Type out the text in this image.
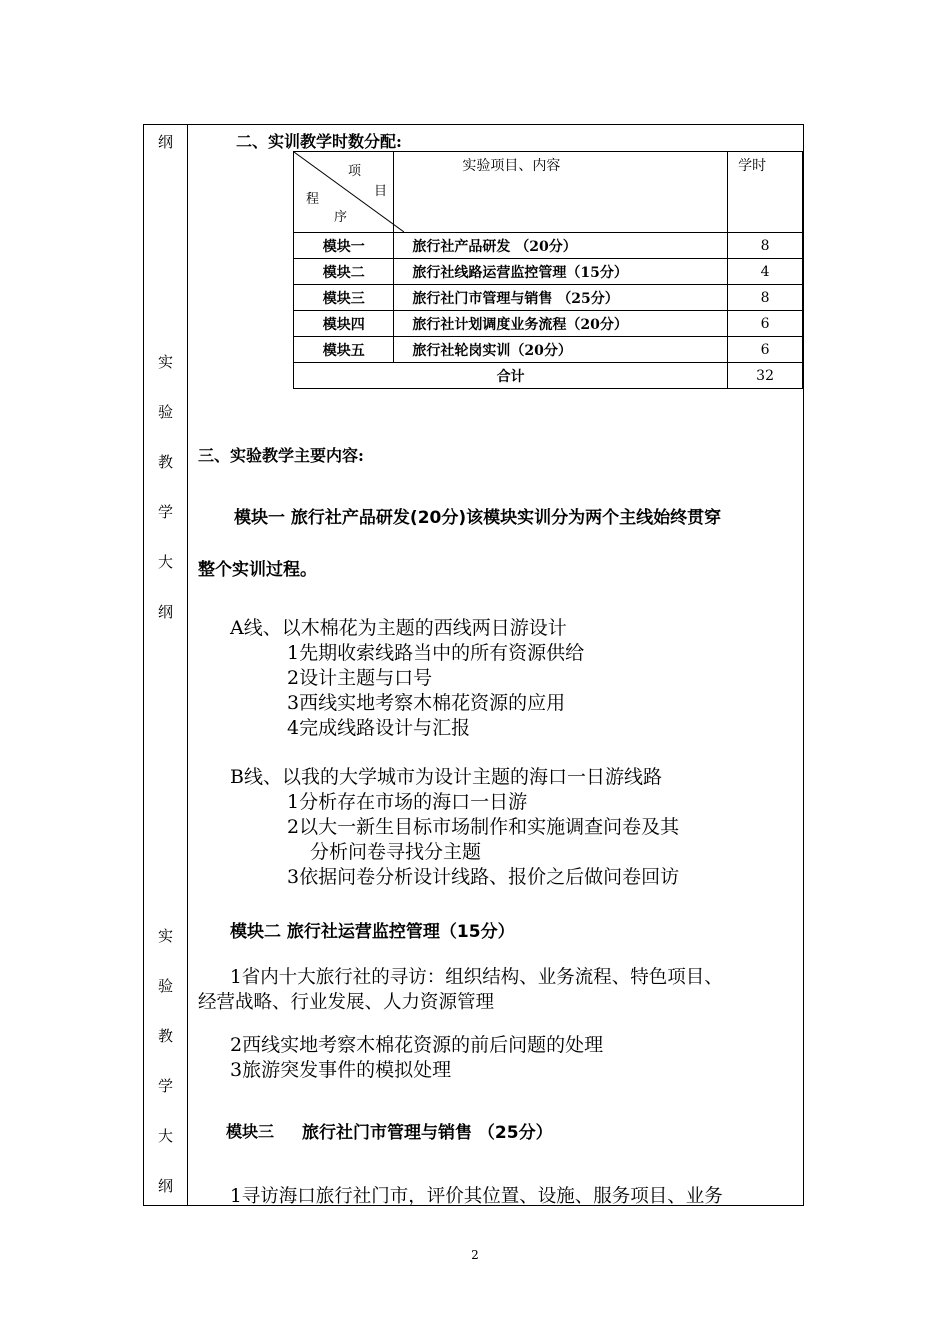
纲
实
验
教
学
大
纲
实
验
教
学
大
纲
二、实训教学时数分配:
项
目
程
序	实验项目、内容	学时
模块一	旅行社产品研发 （20分）	8
模块二	旅行社线路运营监控管理（15分）	4
模块三	旅行社门市管理与销售 （25分）	8
模块四	旅行社计划调度业务流程（20分）	6
模块五	旅行社轮岗实训（20分）	6
合计		32
三、实验教学主要内容:
模块一 旅行社产品研发(20分)该模块实训分为两个主线始终贯穿
整个实训过程。
A线、以木棉花为主题的西线两日游设计
1先期收索线路当中的所有资源供给
2设计主题与口号
3西线实地考察木棉花资源的应用
4完成线路设计与汇报
B线、以我的大学城市为设计主题的海口一日游线路
1分析存在市场的海口一日游
2以大一新生目标市场制作和实施调查问卷及其
分析问卷寻找分主题
3依据问卷分析设计线路、报价之后做问卷回访
模块二 旅行社运营监控管理（15分）
1省内十大旅行社的寻访：组织结构、业务流程、特色项目、
经营战略、行业发展、人力资源管理
2西线实地考察木棉花资源的前后问题的处理
3旅游突发事件的模拟处理
模块三 旅行社门市管理与销售 （25分）
1寻访海口旅行社门市，评价其位置、设施、服务项目、业务
2
